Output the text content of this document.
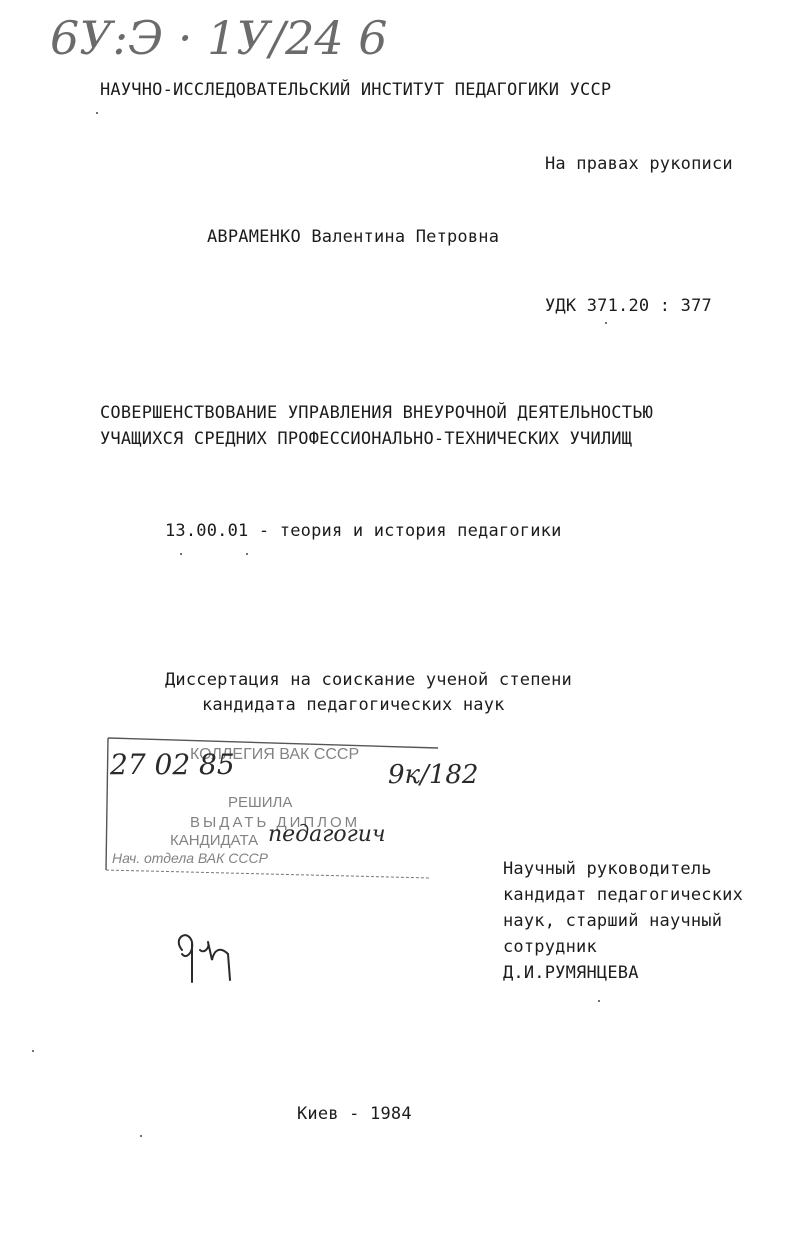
6У:Э · 1У/24 6
НАУЧНО-ИССЛЕДОВАТЕЛЬСКИЙ ИНСТИТУТ ПЕДАГОГИКИ УССР
На правах рукописи
АВРАМЕНКО Валентина Петровна
УДК 371.20 : 377
СОВЕРШЕНСТВОВАНИЕ УПРАВЛЕНИЯ ВНЕУРОЧНОЙ ДЕЯТЕЛЬНОСТЬЮ
УЧАЩИХСЯ СРЕДНИХ ПРОФЕССИОНАЛЬНО-ТЕХНИЧЕСКИХ УЧИЛИЩ
13.00.01 - теория и история педагогики
Диссертация на соискание ученой степени
кандидата педагогических наук
КОЛЛЕГИЯ ВАК СССР
РЕШИЛА
ВЫДАТЬ ДИПЛОМ
КАНДИДАТА
Нач. отдела ВАК СССР
27 02 85	9к/182
педагогич
Научный руководитель
кандидат педагогических
наук, старший научный
сотрудник
Д.И.РУМЯНЦЕВА
Киев - 1984
